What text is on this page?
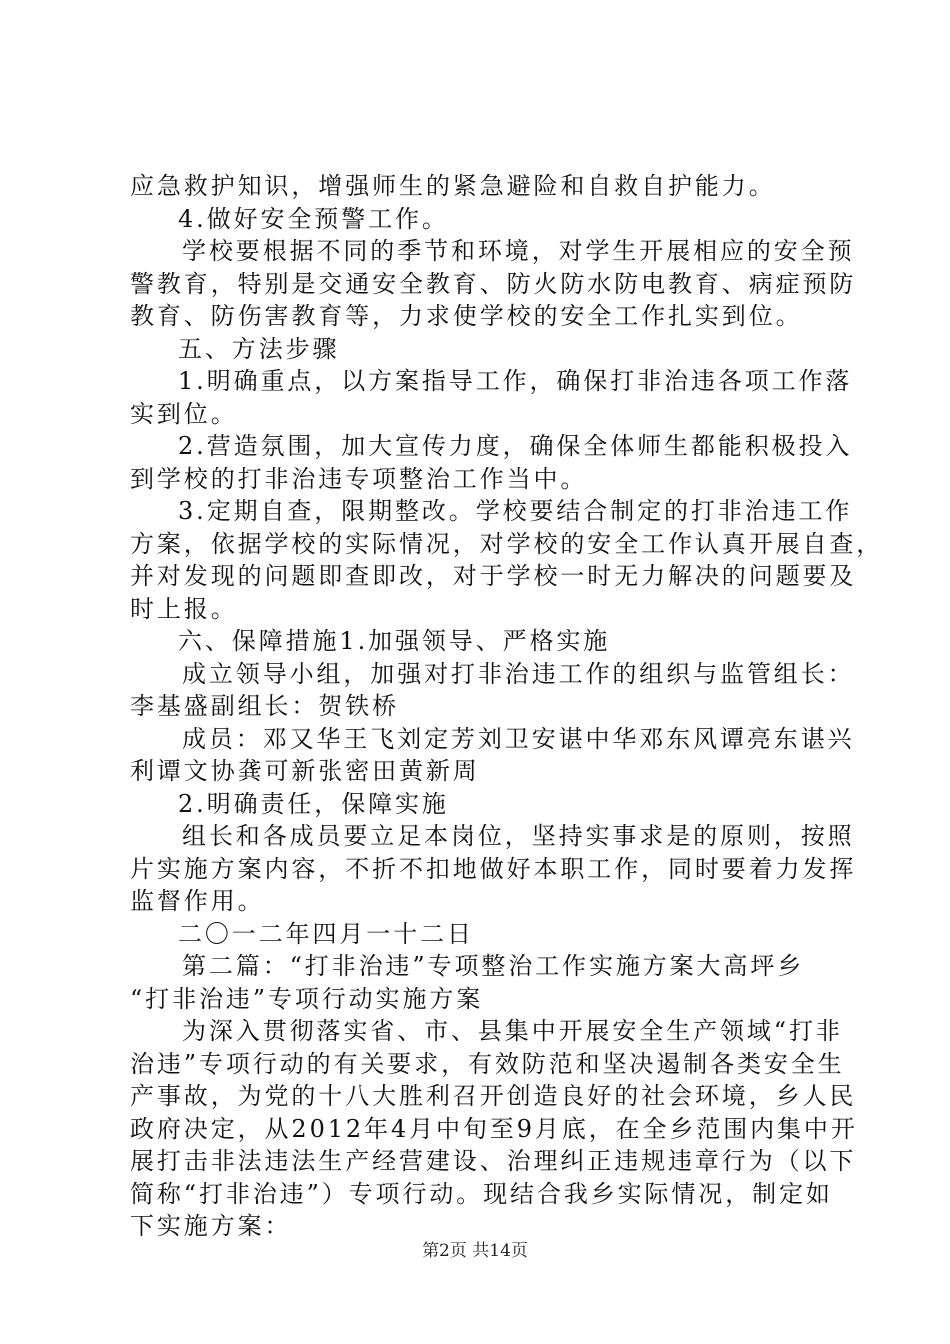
应急救护知识，增强师生的紧急避险和自救自护能力。
4.做好安全预警工作。
学校要根据不同的季节和环境，对学生开展相应的安全预
警教育，特别是交通安全教育、防火防水防电教育、病症预防
教育、防伤害教育等，力求使学校的安全工作扎实到位。
五、方法步骤
1.明确重点，以方案指导工作，确保打非治违各项工作落
实到位。
2.营造氛围，加大宣传力度，确保全体师生都能积极投入
到学校的打非治违专项整治工作当中。
3.定期自查，限期整改。学校要结合制定的打非治违工作
方案，依据学校的实际情况，对学校的安全工作认真开展自查，
并对发现的问题即查即改，对于学校一时无力解决的问题要及
时上报。
六、保障措施1.加强领导、严格实施
成立领导小组，加强对打非治违工作的组织与监管组长：
李基盛副组长：贺铁桥
成员：邓又华王飞刘定芳刘卫安谌中华邓东风谭亮东谌兴
利谭文协龚可新张密田黄新周
2.明确责任，保障实施
组长和各成员要立足本岗位，坚持实事求是的原则，按照
片实施方案内容，不折不扣地做好本职工作，同时要着力发挥
监督作用。
二〇一二年四月一十二日
第二篇：“打非治违”专项整治工作实施方案大高坪乡
“打非治违”专项行动实施方案
为深入贯彻落实省、市、县集中开展安全生产领域“打非
治违”专项行动的有关要求，有效防范和坚决遏制各类安全生
产事故，为党的十八大胜利召开创造良好的社会环境，乡人民
政府决定，从2012年4月中旬至9月底，在全乡范围内集中开
展打击非法违法生产经营建设、治理纠正违规违章行为（以下
简称“打非治违”）专项行动。现结合我乡实际情况，制定如
下实施方案：
第2页 共14页
